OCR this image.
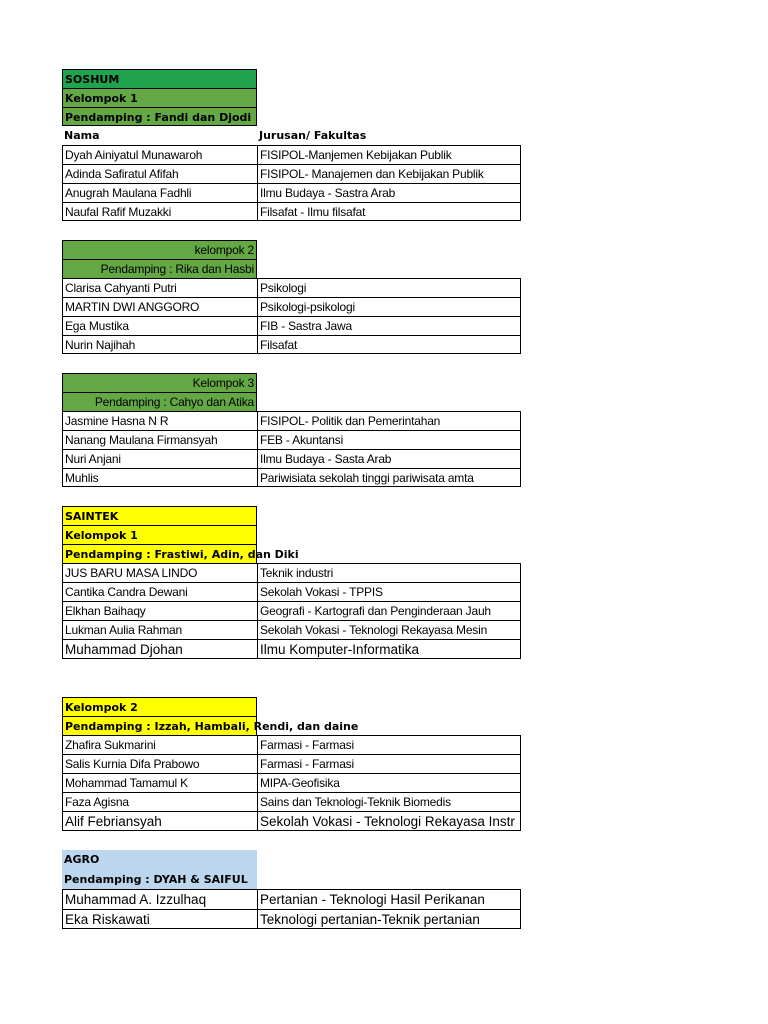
SOSHUM
Kelompok 1
Pendamping : Fandi dan Djodi
Nama	Jurusan/ Fakultas
Dyah Ainiyatul Munawaroh	FISIPOL-Manjemen Kebijakan Publik
Adinda Safiratul Afifah	FISIPOL- Manajemen dan Kebijakan Publik
Anugrah Maulana Fadhli	Ilmu Budaya - Sastra Arab
Naufal Rafif Muzakki	Filsafat - Ilmu filsafat
kelompok 2
Pendamping : Rika dan Hasbi
Clarisa Cahyanti Putri	Psikologi
MARTIN DWI ANGGORO	Psikologi-psikologi
Ega Mustika	FIB - Sastra Jawa
Nurin Najihah	Filsafat
Kelompok 3
Pendamping : Cahyo dan Atika
Jasmine Hasna N R	FISIPOL- Politik dan Pemerintahan
Nanang Maulana Firmansyah	FEB - Akuntansi
Nuri Anjani	Ilmu Budaya - Sasta Arab
Muhlis	Pariwisiata sekolah tinggi pariwisata amta
SAINTEK
Kelompok 1
Pendamping : Frastiwi, Adin, dan Diki
JUS BARU MASA LINDO	Teknik industri
Cantika Candra Dewani	Sekolah Vokasi - TPPIS
Elkhan Baihaqy	Geografi - Kartografi dan Penginderaan Jauh
Lukman Aulia Rahman	Sekolah Vokasi - Teknologi Rekayasa Mesin
Muhammad Djohan	Ilmu Komputer-Informatika
Kelompok 2
Pendamping : Izzah, Hambali, Rendi, dan daine
Zhafira Sukmarini	Farmasi - Farmasi
Salis Kurnia Difa Prabowo	Farmasi - Farmasi
Mohammad Tamamul K	MIPA-Geofisika
Faza Agisna	Sains dan Teknologi-Teknik Biomedis
Alif Febriansyah	Sekolah Vokasi - Teknologi Rekayasa Instr
AGRO
Pendamping : DYAH & SAIFUL
Muhammad A. Izzulhaq	Pertanian - Teknologi Hasil Perikanan
Eka Riskawati	Teknologi pertanian-Teknik pertanian
